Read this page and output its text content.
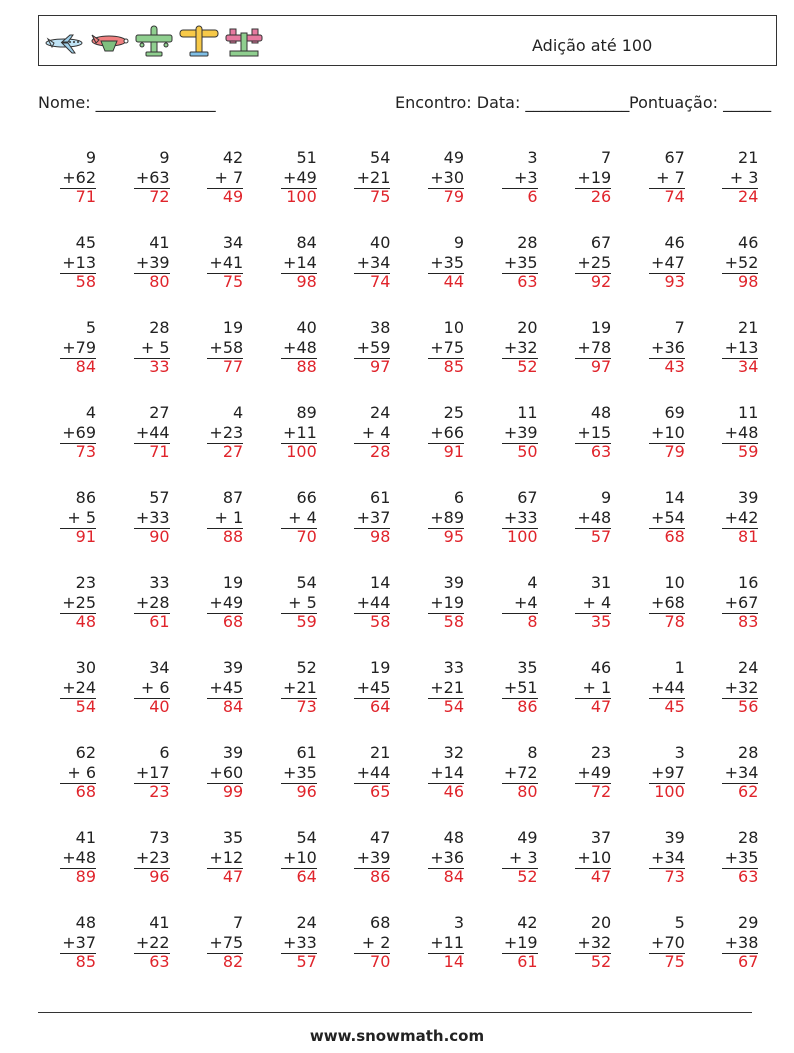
Adição até 100
Nome: _______________	Encontro: Data: _____________ Pontuação: ______
9
+62
71
9
+63
72
42
+ 7
49
51
+49
100
54
+21
75
49
+30
79
3
+3
6
7
+19
26
67
+ 7
74
21
+ 3
24
45
+13
58
41
+39
80
34
+41
75
84
+14
98
40
+34
74
9
+35
44
28
+35
63
67
+25
92
46
+47
93
46
+52
98
5
+79
84
28
+ 5
33
19
+58
77
40
+48
88
38
+59
97
10
+75
85
20
+32
52
19
+78
97
7
+36
43
21
+13
34
4
+69
73
27
+44
71
4
+23
27
89
+11
100
24
+ 4
28
25
+66
91
11
+39
50
48
+15
63
69
+10
79
11
+48
59
86
+ 5
91
57
+33
90
87
+ 1
88
66
+ 4
70
61
+37
98
6
+89
95
67
+33
100
9
+48
57
14
+54
68
39
+42
81
23
+25
48
33
+28
61
19
+49
68
54
+ 5
59
14
+44
58
39
+19
58
4
+4
8
31
+ 4
35
10
+68
78
16
+67
83
30
+24
54
34
+ 6
40
39
+45
84
52
+21
73
19
+45
64
33
+21
54
35
+51
86
46
+ 1
47
1
+44
45
24
+32
56
62
+ 6
68
6
+17
23
39
+60
99
61
+35
96
21
+44
65
32
+14
46
8
+72
80
23
+49
72
3
+97
100
28
+34
62
41
+48
89
73
+23
96
35
+12
47
54
+10
64
47
+39
86
48
+36
84
49
+ 3
52
37
+10
47
39
+34
73
28
+35
63
48
+37
85
41
+22
63
7
+75
82
24
+33
57
68
+ 2
70
3
+11
14
42
+19
61
20
+32
52
5
+70
75
29
+38
67
www.snowmath.com
